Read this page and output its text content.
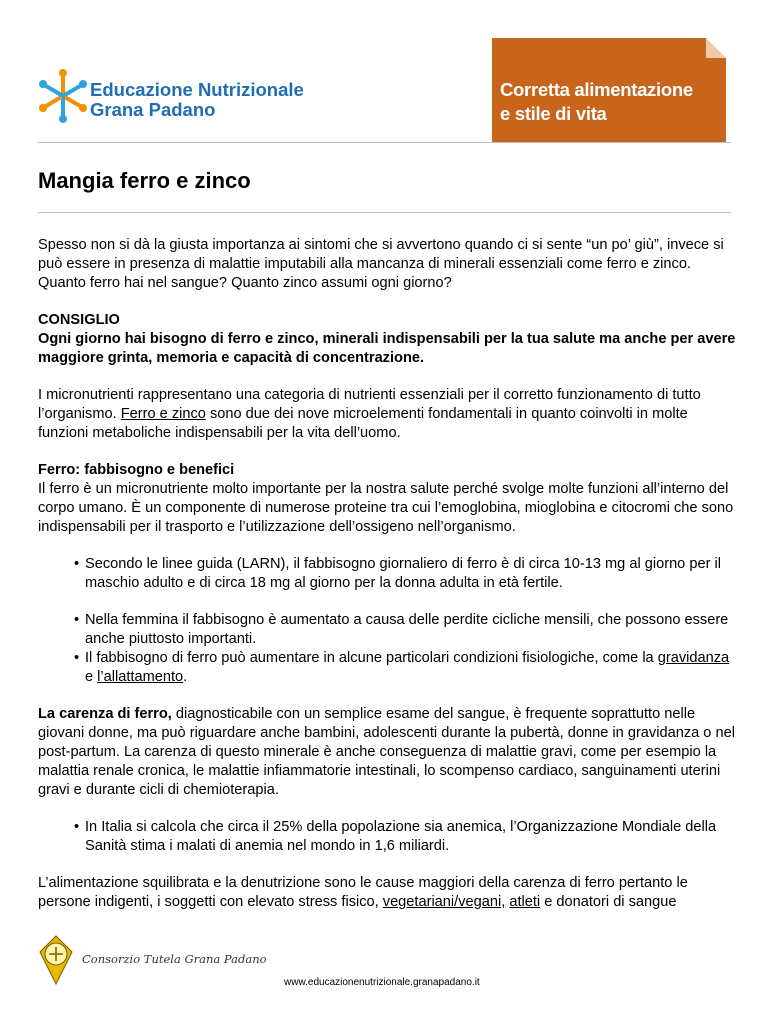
Educazione Nutrizionale
Grana Padano
Corretta alimentazione
e stile di vita
Mangia ferro e zinco

Spesso non si dà la giusta importanza ai sintomi che si avvertono quando ci si sente “un po’ giù”, invece si può essere in presenza di malattie imputabili alla mancanza di minerali essenziali come ferro e zinco. Quanto ferro hai nel sangue? Quanto zinco assumi ogni giorno?

CONSIGLIO
Ogni giorno hai bisogno di ferro e zinco, minerali indispensabili per la tua salute ma anche per avere maggiore grinta, memoria e capacità di concentrazione.

I micronutrienti rappresentano una categoria di nutrienti essenziali per il corretto funzionamento di tutto l’organismo. Ferro e zinco sono due dei nove microelementi fondamentali in quanto coinvolti in molte funzioni metaboliche indispensabili per la vita dell’uomo.

Ferro: fabbisogno e benefici
Il ferro è un micronutriente molto importante per la nostra salute perché svolge molte funzioni all’interno del corpo umano. È un componente di numerose proteine tra cui l’emoglobina, mioglobina e citocromi che sono indispensabili per il trasporto e l’utilizzazione dell’ossigeno nell’organismo.

• Secondo le linee guida (LARN), il fabbisogno giornaliero di ferro è di circa 10-13 mg al giorno per il maschio adulto e di circa 18 mg al giorno per la donna adulta in età fertile.
• Nella femmina il fabbisogno è aumentato a causa delle perdite cicliche mensili, che possono essere anche piuttosto importanti.
• Il fabbisogno di ferro può aumentare in alcune particolari condizioni fisiologiche, come la gravidanza e l’allattamento.

La carenza di ferro, diagnosticabile con un semplice esame del sangue, è frequente soprattutto nelle giovani donne, ma può riguardare anche bambini, adolescenti durante la pubertà, donne in gravidanza o nel post-partum. La carenza di questo minerale è anche conseguenza di malattie gravi, come per esempio la malattia renale cronica, le malattie infiammatorie intestinali, lo scompenso cardiaco, sanguinamenti uterini gravi e durante cicli di chemioterapia.

• In Italia si calcola che circa il 25% della popolazione sia anemica, l’Organizzazione Mondiale della Sanità stima i malati di anemia nel mondo in 1,6 miliardi.

L’alimentazione squilibrata e la denutrizione sono le cause maggiori della carenza di ferro pertanto le persone indigenti, i soggetti con elevato stress fisico, vegetariani/vegani, atleti e donatori di sangue

Consorzio Tutela Grana Padano
www.educazionenutrizionale.granapadano.it
